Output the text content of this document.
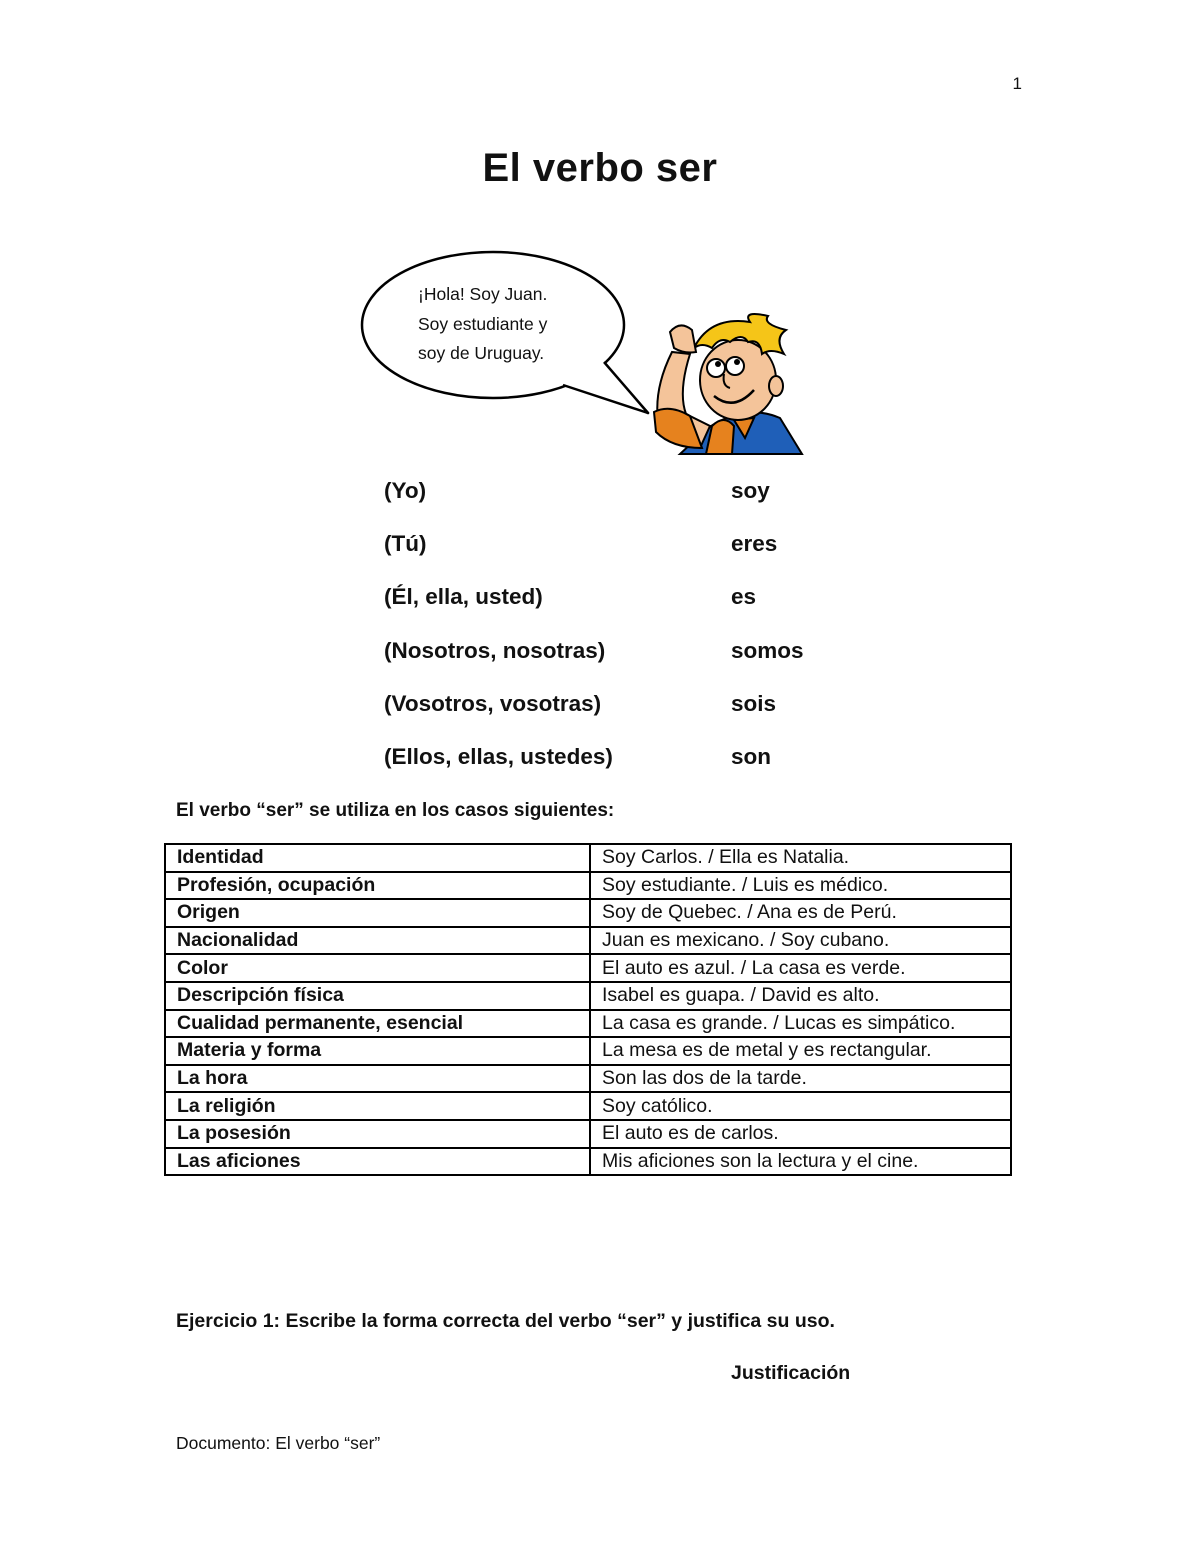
1
El verbo ser
¡Hola! Soy Juan.
Soy estudiante y
soy de Uruguay.
(Yo)	soy
(Tú)	eres
(Él, ella, usted)	es
(Nosotros, nosotras)	somos
(Vosotros, vosotras)	sois
(Ellos, ellas, ustedes)	son
El verbo “ser” se utiliza en los casos siguientes:
Identidad	Soy Carlos. / Ella es Natalia.
Profesión, ocupación	Soy estudiante. / Luis es médico.
Origen	Soy de Quebec. / Ana es de Perú.
Nacionalidad	Juan es mexicano. / Soy cubano.
Color	El auto es azul. / La casa es verde.
Descripción física	Isabel es guapa. / David es alto.
Cualidad permanente, esencial	La casa es grande. / Lucas es simpático.
Materia y forma	La mesa es de metal y es rectangular.
La hora	Son las dos de la tarde.
La religión	Soy católico.
La posesión	El auto es de carlos.
Las aficiones	Mis aficiones son la lectura y el cine.
Ejercicio 1: Escribe la forma correcta del verbo “ser” y justifica su uso.
Justificación
Documento: El verbo “ser”
